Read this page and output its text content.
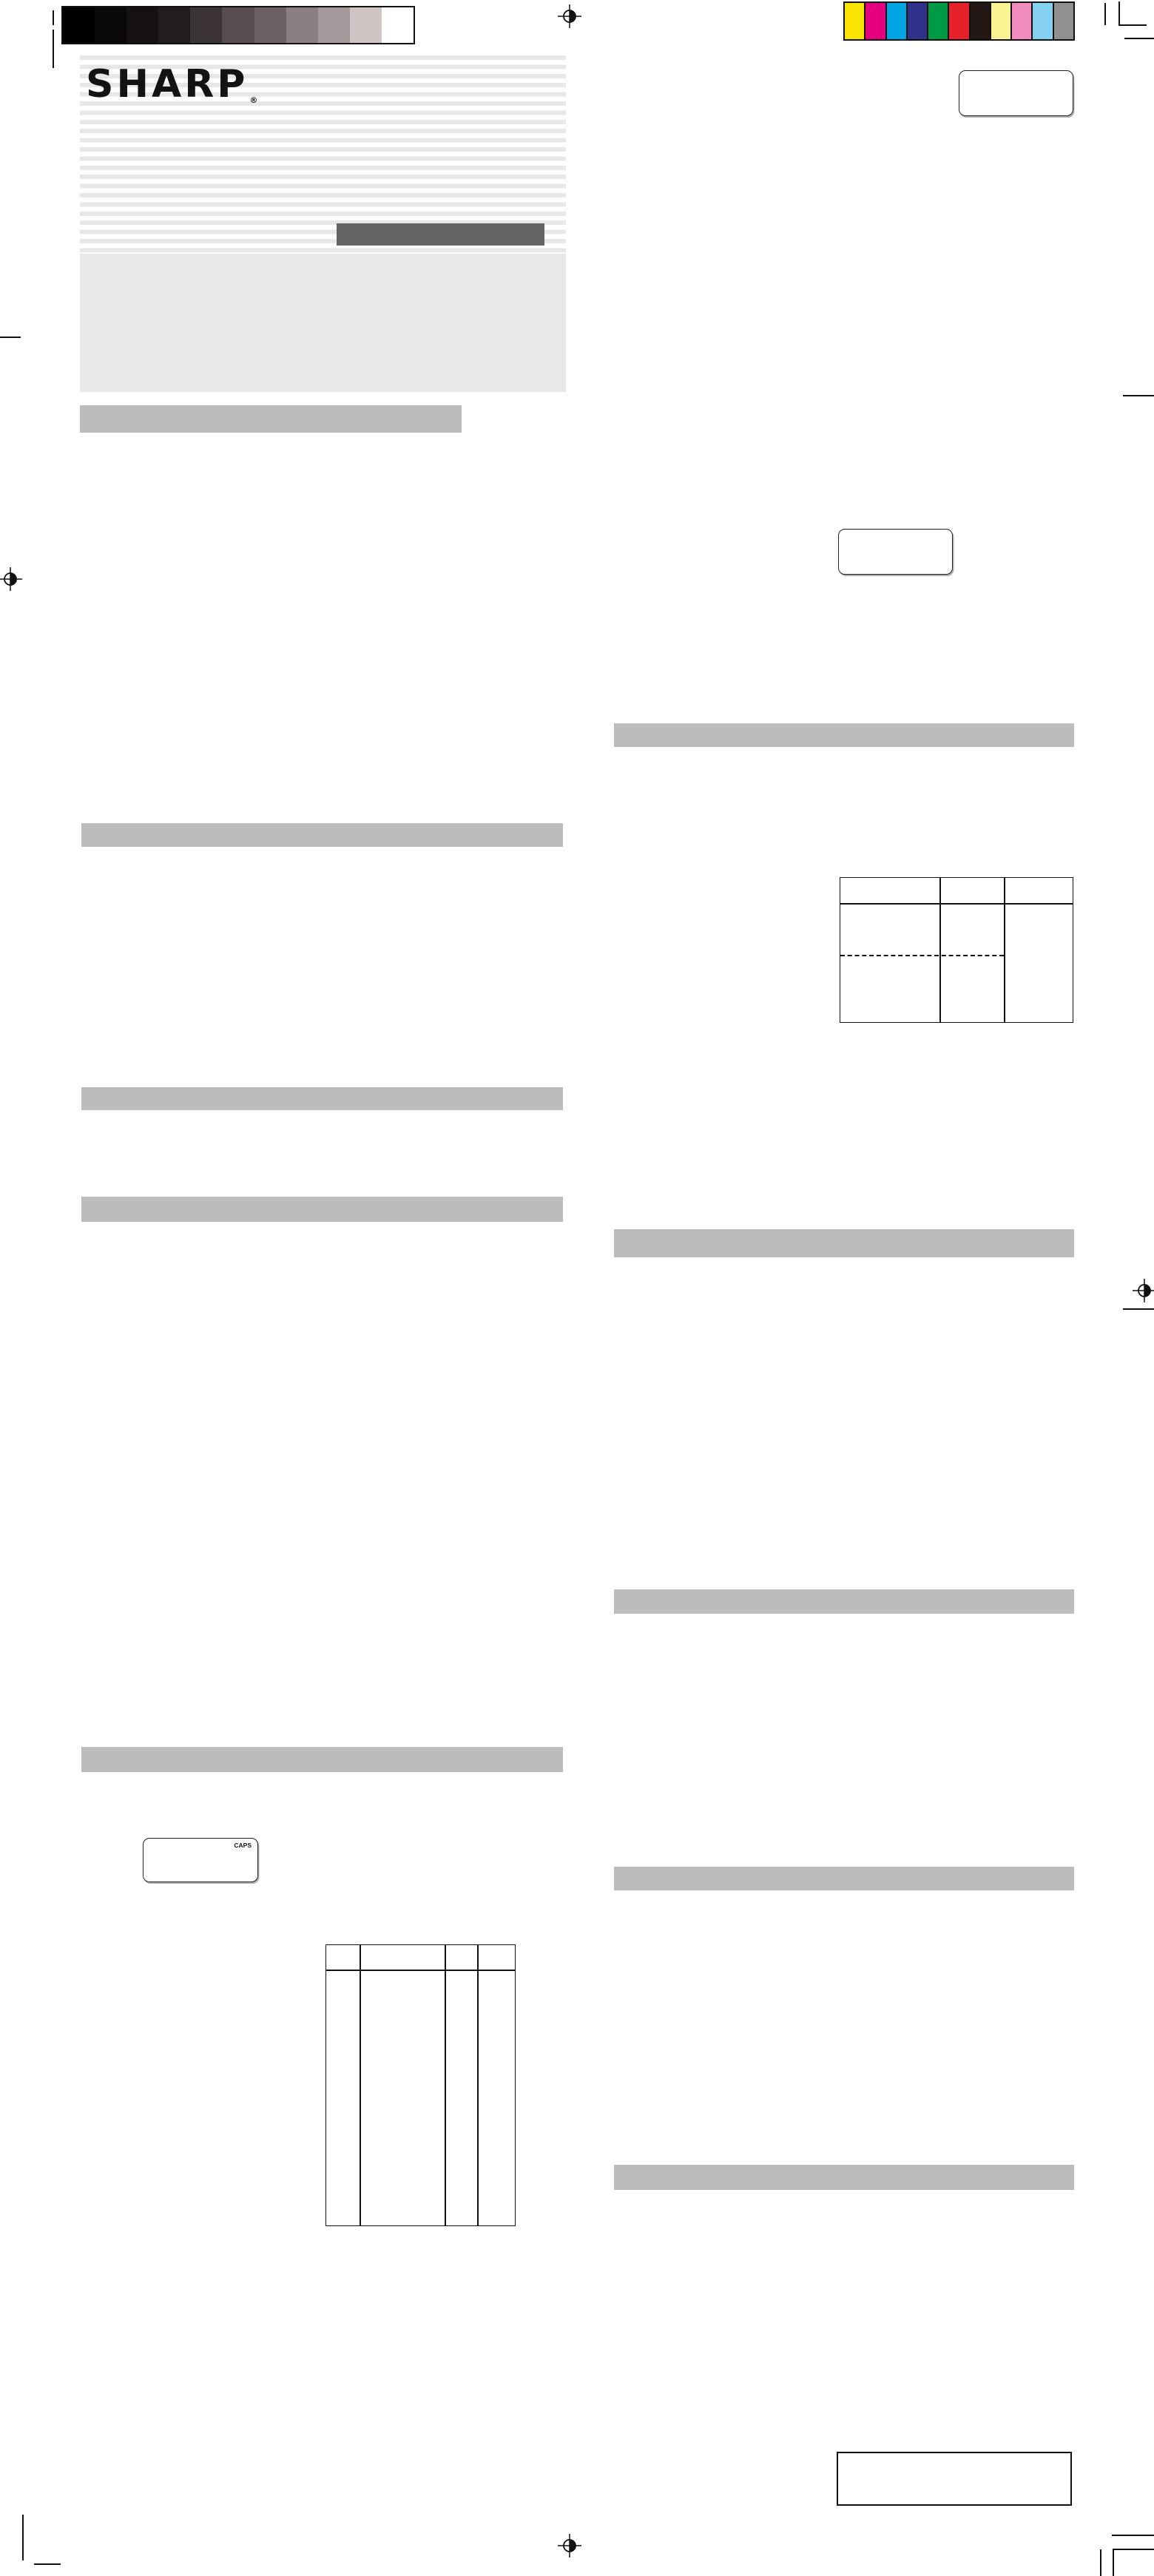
SHARP ®
CAPS
